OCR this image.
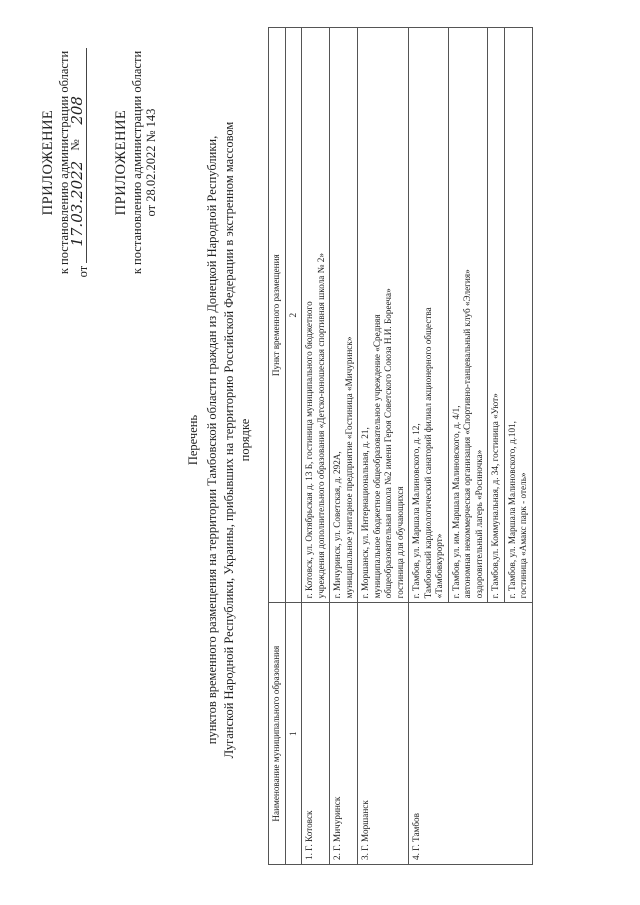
ПРИЛОЖЕНИЕ к постановлению администрации области от
17.03.2022
№
208 ПРИЛОЖЕНИЕ к постановлению администрации области от 28.02.2022 № 143
Перечень пунктов временного размещения на территории Тамбовской области граждан из Донецкой Народной Республики, Луганской Народной Республики, Украины, прибывших на территорию Российской Федерации в экстренном массовом порядке
Наименование муниципального образования	Пункт временного размещения
1	2
1. Г. Котовск	г. Котовск, ул. Октябрьская д. 13 Б, гостиница муниципального бюджетного учреждения дополнительного образования «Детско-юношеская спортивная школа № 2»

2. Г. Мичуринск	г. Мичуринск, ул. Советская, д. 292А, муниципальное унитарное предприятие «Гостиница «Мичуринск»

3. Г. Моршанск	г. Моршанск, ул. Интернациональная, д. 21, муниципальное бюджетное общеобразовательное учреждение «Средняя общеобразовательная школа №2 имени Героя Советского Союза Н.И. Борееча» гостиница для обучающихся

4. Г. Тамбов	г. Тамбов, ул. Маршала Малиновского, д. 12, Тамбовский кардиологический санаторий филиал акционерного общества «Тамбовкурорт»

	г. Тамбов, ул. им. Маршала Малиновского, д. 4/1, автономная некоммерческая организация «Спортивно-танцевальный клуб «Элегия» оздоровительный лагерь «Росиночка»

	г. Тамбов,ул. Коммунальная, д. 34, гостиница «Уют»

	г. Тамбов, ул. Маршала Малиновского, д.101, гостиница «Амакс парк - отель»
